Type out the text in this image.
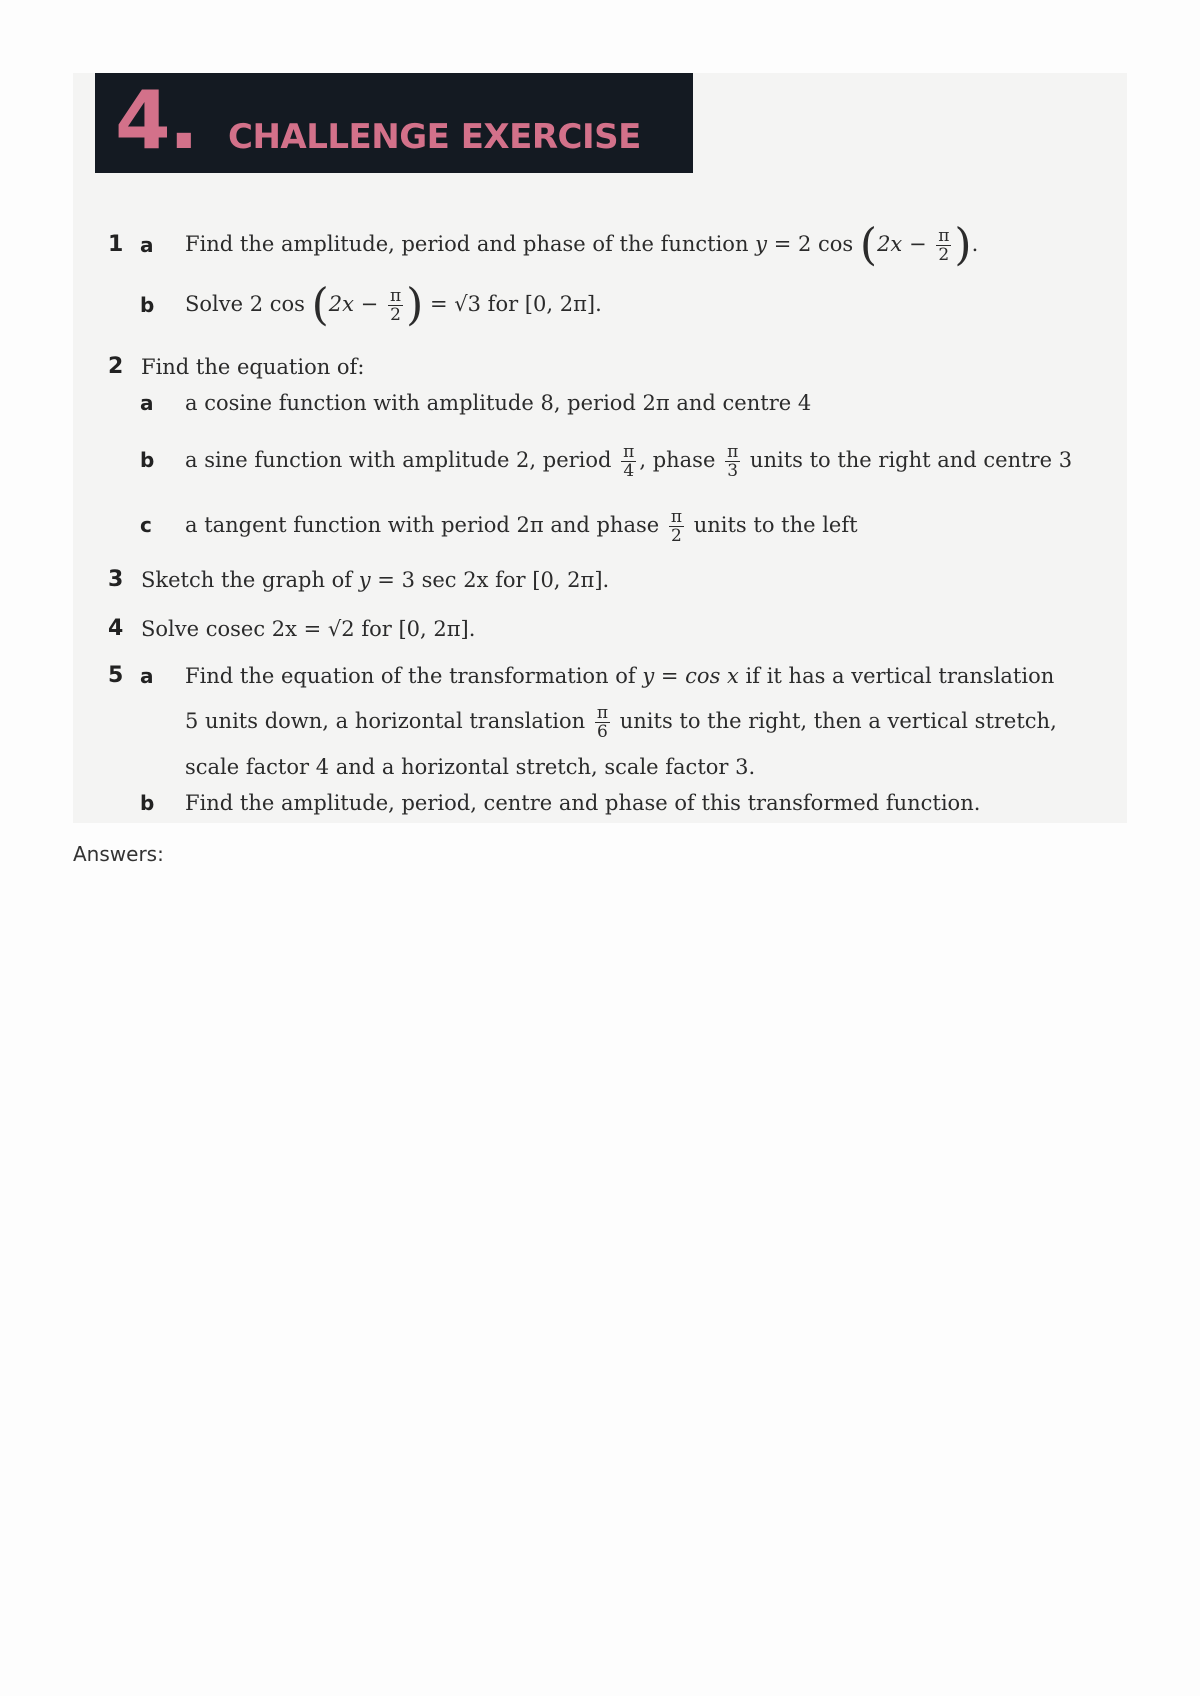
4. CHALLENGE EXERCISE
1 a Find the amplitude, period and phase of the function y = 2 $\cos (2x - \frac{\pi}{2}$ ).
b Solve 2 $\cos (2x - \frac{\pi}{2}$ ) = √3 for [0, 2π].
2 Find the equation of:
a a cosine function with amplitude 8, period 2π and centre 4
b a sine function with amplitude 2, period $\frac{\pi}{4}$ , phase $\frac{\pi}{3}$ units to the right and centre 3
c a tangent function with period 2π and phase $\frac{\pi}{2}$ units to the left
3 Sketch the graph of y = 3 sec 2x for [0, 2π].
4 Solve cosec 2x = √2 for [0, 2π].
5 a Find the equation of the transformation of y = cos x if it has a vertical translation
5 units down, a horizontal translation $\frac{\pi}{6}$ units to the right, then a vertical stretch,
scale factor 4 and a horizontal stretch, scale factor 3.
b Find the amplitude, period, centre and phase of this transformed function.
Answers:
